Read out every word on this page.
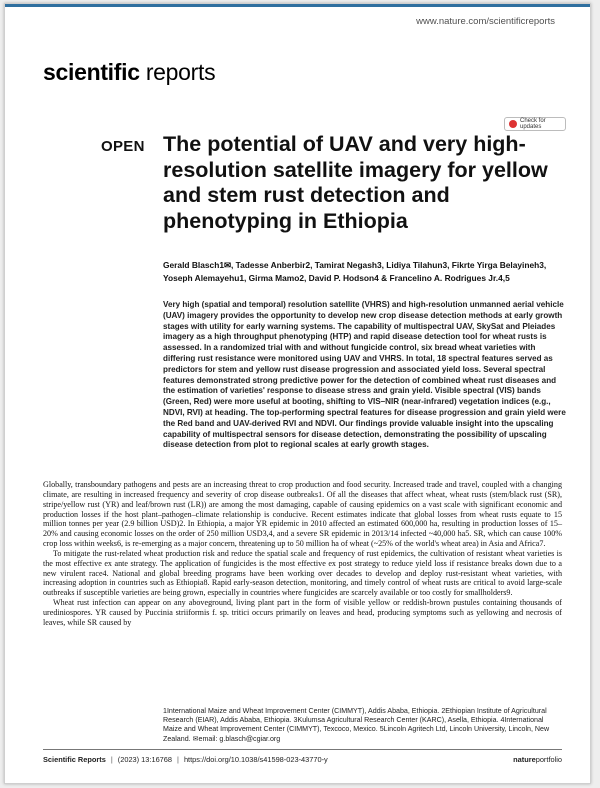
www.nature.com/scientificreports
scientific reports
Check for updates
OPEN The potential of UAV and very high-resolution satellite imagery for yellow and stem rust detection and phenotyping in Ethiopia
Gerald Blasch1✉, Tadesse Anberbir2, Tamirat Negash3, Lidiya Tilahun3, Fikrte Yirga Belayineh3, Yoseph Alemayehu1, Girma Mamo2, David P. Hodson4 & Francelino A. Rodrigues Jr.4,5
Very high (spatial and temporal) resolution satellite (VHRS) and high-resolution unmanned aerial vehicle (UAV) imagery provides the opportunity to develop new crop disease detection methods at early growth stages with utility for early warning systems. The capability of multispectral UAV, SkySat and Pleiades imagery as a high throughput phenotyping (HTP) and rapid disease detection tool for wheat rusts is assessed. In a randomized trial with and without fungicide control, six bread wheat varieties with differing rust resistance were monitored using UAV and VHRS. In total, 18 spectral features served as predictors for stem and yellow rust disease progression and associated yield loss. Several spectral features demonstrated strong predictive power for the detection of combined wheat rust diseases and the estimation of varieties' response to disease stress and grain yield. Visible spectral (VIS) bands (Green, Red) were more useful at booting, shifting to VIS–NIR (near-infrared) vegetation indices (e.g., NDVI, RVI) at heading. The top-performing spectral features for disease progression and grain yield were the Red band and UAV-derived RVI and NDVI. Our findings provide valuable insight into the upscaling capability of multispectral sensors for disease detection, demonstrating the possibility of upscaling disease detection from plot to regional scales at early growth stages.

Globally, transboundary pathogens and pests are an increasing threat to crop production and food security. Increased trade and travel, coupled with a changing climate, are resulting in increased frequency and severity of crop disease outbreaks1. Of all the diseases that affect wheat, wheat rusts (stem/black rust (SR), stripe/yellow rust (YR) and leaf/brown rust (LR)) are among the most damaging, capable of causing epidemics on a vast scale with significant economic and production losses if the host plant–pathogen–climate relationship is conducive. Recent estimates indicate that global losses from wheat rusts equate to 15 million tonnes per year (2.9 billion USD)2. In Ethiopia, a major YR epidemic in 2010 affected an estimated 600,000 ha, resulting in production losses of 15–20% and causing economic losses on the order of 250 million USD3,4, and a severe SR epidemic in 2013/14 infected ~40,000 ha5. SR, which can cause 100% crop loss within weeks6, is re-emerging as a major concern, threatening up to 50 million ha of wheat (~25% of the world's wheat area) in Asia and Africa7.

To mitigate the rust-related wheat production risk and reduce the spatial scale and frequency of rust epidemics, the cultivation of resistant wheat varieties is the most effective ex ante strategy. The application of fungicides is the most effective ex post strategy to reduce yield loss if resistance breaks down due to a new virulent race4. National and global breeding programs have been working over decades to develop and deploy rust-resistant wheat varieties, with increasing adoption in countries such as Ethiopia8. Rapid early-season detection, monitoring, and timely control of wheat rusts are critical to avoid large-scale outbreaks if susceptible varieties are being grown, especially in countries where fungicides are scarcely available or too costly for smallholders9.

Wheat rust infection can appear on any aboveground, living plant part in the form of visible yellow or reddish-brown pustules containing thousands of urediniospores. YR caused by Puccinia striiformis f. sp. tritici occurs primarily on leaves and head, producing symptoms such as yellowing and necrosis of leaves, while SR caused by

1International Maize and Wheat Improvement Center (CIMMYT), Addis Ababa, Ethiopia. 2Ethiopian Institute of Agricultural Research (EIAR), Addis Ababa, Ethiopia. 3Kulumsa Agricultural Research Center (KARC), Asella, Ethiopia. 4International Maize and Wheat Improvement Center (CIMMYT), Texcoco, Mexico. 5Lincoln Agritech Ltd, Lincoln University, Lincoln, New Zealand. ✉email: g.blasch@cgiar.org
Scientific Reports | (2023) 13:16768 | https://doi.org/10.1038/s41598-023-43770-y	natureportfolio
